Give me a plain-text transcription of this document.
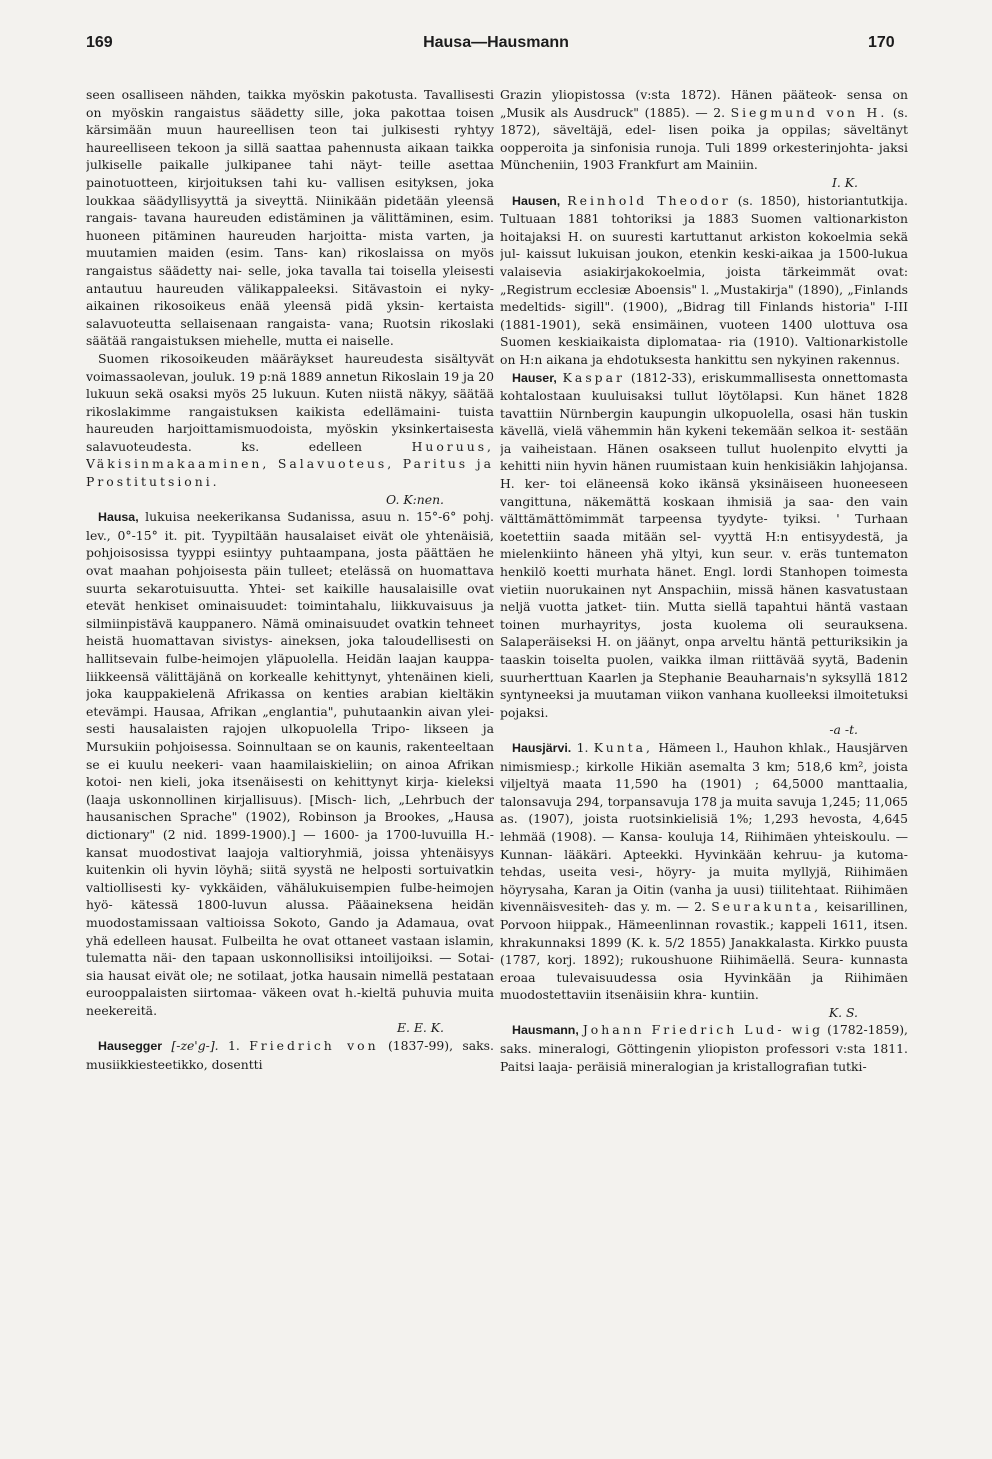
169	Hausa—Hausmann	170

seen osalliseen nähden, taikka myöskin pakotusta. Tavallisesti on myöskin rangaistus säädetty sille, joka pakottaa toisen kärsimään muun haureellisen teon tai julkisesti ryhtyy haureelliseen tekoon ja sillä saattaa pahennusta aikaan taikka julkiselle paikalle julkipanee tahi näyt- teille asettaa painotuotteen, kirjoituksen tahi ku- vallisen esityksen, joka loukkaa säädyllisyyttä ja siveyttä. Niinikään pidetään yleensä rangais- tavana haureuden edistäminen ja välittäminen, esim. huoneen pitäminen haureuden harjoitta- mista varten, ja muutamien maiden (esim. Tans- kan) rikoslaissa on myös rangaistus säädetty nai- selle, joka tavalla tai toisella yleisesti antautuu haureuden välikappaleeksi. Sitävastoin ei nyky- aikainen rikosoikeus enää yleensä pidä yksin- kertaista salavuoteutta sellaisenaan rangaista- vana; Ruotsin rikoslaki säätää rangaistuksen miehelle, mutta ei naiselle.

Suomen rikosoikeuden määräykset haureudesta sisältyvät voimassaolevan, jouluk. 19 p:nä 1889 annetun Rikoslain 19 ja 20 lukuun sekä osaksi myös 25 lukuun. Kuten niistä näkyy, säätää rikoslakimme rangaistuksen kaikista edellämaini- tuista haureuden harjoittamismuodoista, myöskin yksinkertaisesta salavuoteudesta. ks. edelleen	Huoruus, Väkisinmakaaminen, Salavuoteus, Paritus ja Prostitutsioni.

O. K:nen.

Hausa, lukuisa neekerikansa Sudanissa, asuu n. 15°-6° pohj. lev., 0°-15° it. pit. Tyypiltään hausalaiset eivät ole yhtenäisiä, pohjoisosissa tyyppi esiintyy puhtaampana, josta päättäen he ovat maahan pohjoisesta päin tulleet; etelässä on huomattava suurta sekarotuisuutta. Yhtei- set kaikille hausalaisille ovat etevät henkiset ominaisuudet: toimintahalu, liikkuvaisuus ja silmiinpistävä kauppanero. Nämä ominaisuudet ovatkin tehneet heistä huomattavan sivistys- aineksen, joka taloudellisesti on hallitsevain fulbe-heimojen yläpuolella. Heidän laajan kauppa- liikkeensä välittäjänä on korkealle kehittynyt, yhtenäinen kieli, joka kauppakielenä Afrikassa on kenties arabian kieltäkin etevämpi. Hausaa, Afrikan „englantia", puhutaankin aivan ylei- sesti hausalaisten rajojen ulkopuolella Tripo- likseen ja Mursukiin pohjoisessa. Soinnultaan se on kaunis, rakenteeltaan se ei kuulu neekeri- vaan haamilaiskieliin; on ainoa Afrikan kotoi- nen kieli, joka itsenäisesti on kehittynyt kirja- kieleksi (laaja uskonnollinen kirjallisuus). [Misch- lich, „Lehrbuch der hausanischen Sprache" (1902), Robinson ja Brookes, „Hausa dictionary" (2 nid. 1899-1900).] — 1600- ja 1700-luvuilla H.- kansat muodostivat laajoja valtioryhmiä, joissa yhtenäisyys kuitenkin oli hyvin löyhä; siitä syystä ne helposti sortuivatkin valtiollisesti ky- vykkäiden, vähälukuisempien fulbe-heimojen hyö- kätessä 1800-luvun alussa. Pääaineksena heidän muodostamissaan valtioissa Sokoto, Gando ja Adamaua, ovat yhä edelleen hausat. Fulbeilta he ovat ottaneet vastaan islamin, tulematta näi- den tapaan uskonnollisiksi intoilijoiksi. — Sotai- sia hausat eivät ole; ne sotilaat, jotka hausain nimellä pestataan eurooppalaisten siirtomaa- väkeen ovat h.-kieltä puhuvia muita neekereitä.

E. E. K.

Hausegger [-ze'g-]. 1. Friedrich von (1837-99), saks. musiikkiesteetikko, dosentti

Grazin yliopistossa (v:sta 1872). Hänen pääteok- sensa on „Musik als Ausdruck" (1885). — 2. Siegmund von H. (s. 1872), säveltäjä, edel- lisen poika ja oppilas; säveltänyt oopperoita ja sinfonisia runoja. Tuli 1899 orkesterinjohta- jaksi Müncheniin, 1903 Frankfurt am Mainiin.

I. K.

Hausen, Reinhold Theodor (s. 1850), historiantutkija. Tultuaan 1881 tohtoriksi ja 1883 Suomen valtionarkiston hoitajaksi H. on suuresti kartuttanut arkiston kokoelmia sekä jul- kaissut lukuisan joukon, etenkin keski-aikaa ja 1500-lukua valaisevia asiakirjakokoelmia, joista tärkeimmät ovat: „Registrum ecclesiæ Aboensis" l. „Mustakirja" (1890), „Finlands medeltids- sigill". (1900), „Bidrag till Finlands historia" I-III (1881-1901), sekä ensimäinen, vuoteen 1400 ulottuva osa Suomen keskiaikaista diplomataa- ria (1910). Valtionarkistolle on H:n aikana ja ehdotuksesta hankittu sen nykyinen rakennus.

Hauser, Kaspar (1812-33), eriskummallisesta onnettomasta kohtalostaan kuuluisaksi tullut löytölapsi. Kun hänet 1828 tavattiin Nürnbergin kaupungin ulkopuolella, osasi hän tuskin kävellä, vielä vähemmin hän kykeni tekemään selkoa it- sestään ja vaiheistaan. Hänen osakseen tullut huolenpito elvytti ja kehitti niin hyvin hänen ruumistaan kuin henkisiäkin lahjojansa. H. ker- toi eläneensä koko ikänsä yksinäiseen huoneeseen vangittuna, näkemättä koskaan ihmisiä ja saa- den vain välttämättömimmät tarpeensa tyydyte- tyiksi. ' Turhaan koetettiin saada mitään sel- vyyttä H:n entisyydestä, ja mielenkiinto häneen yhä yltyi, kun seur. v. eräs tuntematon henkilö koetti murhata hänet. Engl. lordi Stanhopen toimesta vietiin nuorukainen nyt Anspachiin, missä hänen kasvatustaan neljä vuotta jatket- tiin. Mutta siellä tapahtui häntä vastaan toinen murhayritys, josta kuolema oli seurauksena. Salaperäiseksi H. on jäänyt, onpa arveltu häntä petturiksikin ja taaskin toiselta puolen, vaikka ilman riittävää syytä, Badenin suurherttuan Kaarlen ja Stephanie Beauharnais'n syksyllä 1812 syntyneeksi ja muutaman viikon vanhana kuolleeksi ilmoitetuksi pojaksi.

-a -t.

Hausjärvi. 1. Kunta, Hämeen l., Hauhon khlak., Hausjärven nimismiesp.; kirkolle Hikiän asemalta 3 km; 518,6 km², joista viljeltyä maata 11,590 ha (1901) ; 64,5000 manttaalia, talonsavuja 294, torpansavuja 178 ja muita savuja 1,245; 11,065 as. (1907), joista ruotsinkielisiä 1%; 1,293 hevosta, 4,645 lehmää (1908). — Kansa- kouluja 14, Riihimäen yhteiskoulu. — Kunnan- lääkäri. Apteekki. Hyvinkään kehruu- ja kutoma- tehdas, useita vesi-, höyry- ja muita myllyjä, Riihimäen höyrysaha, Karan ja Oitin (vanha ja uusi) tiilitehtaat. Riihimäen kivennäisvesiteh- das y. m. — 2. Seurakunta, keisarillinen, Porvoon hiippak., Hämeenlinnan rovastik.; kappeli 1611, itsen. khrakunnaksi 1899 (K. k. 5/2 1855) Janakkalasta. Kirkko puusta (1787, korj. 1892); rukoushuone Riihimäellä. Seura- kunnasta eroaa tulevaisuudessa osia Hyvinkään ja Riihimäen muodostettaviin itsenäisiin khra- kuntiin.

K. S.

Hausmann, Johann Friedrich Lud- wig (1782-1859), saks. mineralogi, Göttingenin yliopiston professori v:sta 1811. Paitsi laaja- peräisiä mineralogian ja kristallografian tutki-
